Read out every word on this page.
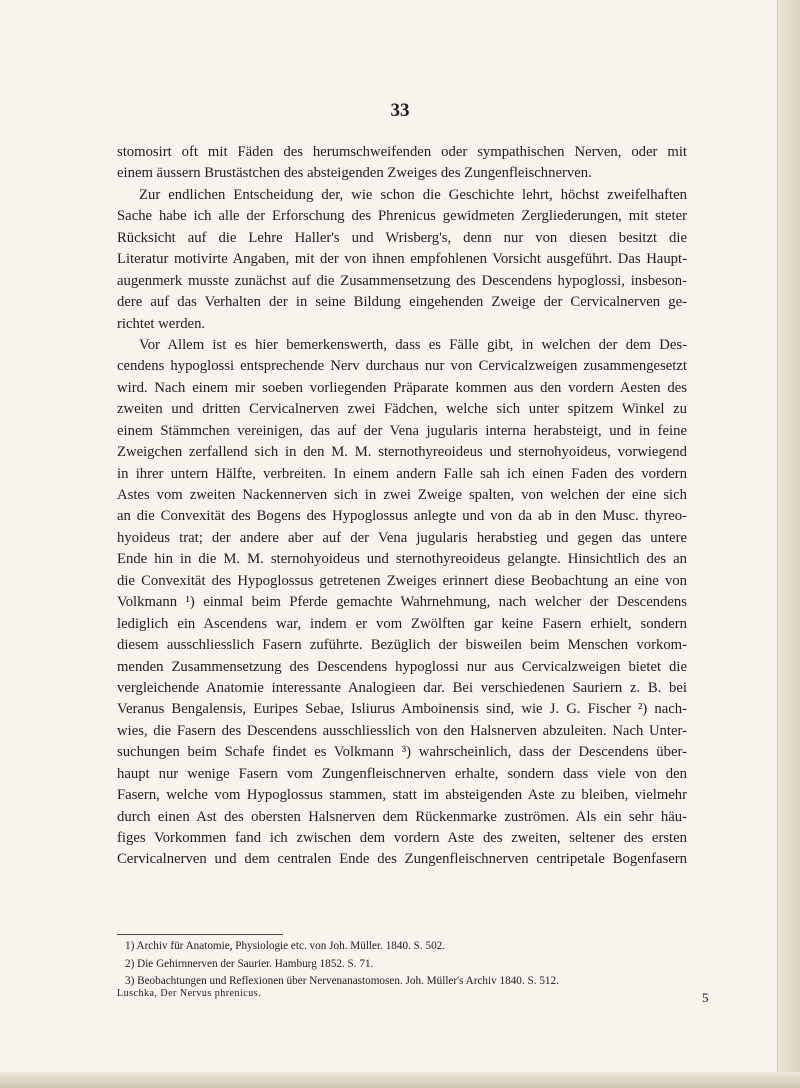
33
stomosirt oft mit Fäden des herumschweifenden oder sympathischen Nerven, oder mit
einem äussern Brustästchen des absteigenden Zweiges des Zungenfleischnerven.
Zur endlichen Entscheidung der, wie schon die Geschichte lehrt, höchst zweifelhaften
Sache habe ich alle der Erforschung des Phrenicus gewidmeten Zergliederungen, mit steter
Rücksicht auf die Lehre Haller's und Wrisberg's, denn nur von diesen besitzt die
Literatur motivirte Angaben, mit der von ihnen empfohlenen Vorsicht ausgeführt. Das Haupt-
augenmerk musste zunächst auf die Zusammensetzung des Descendens hypoglossi, insbeson-
dere auf das Verhalten der in seine Bildung eingehenden Zweige der Cervicalnerven ge-
richtet werden.
Vor Allem ist es hier bemerkenswerth, dass es Fälle gibt, in welchen der dem Des-
cendens hypoglossi entsprechende Nerv durchaus nur von Cervicalzweigen zusammengesetzt
wird. Nach einem mir soeben vorliegenden Präparate kommen aus den vordern Aesten des
zweiten und dritten Cervicalnerven zwei Fädchen, welche sich unter spitzem Winkel zu
einem Stämmchen vereinigen, das auf der Vena jugularis interna herabsteigt, und in feine
Zweigchen zerfallend sich in den M. M. sternothyreoideus und sternohyoideus, vorwiegend
in ihrer untern Hälfte, verbreiten. In einem andern Falle sah ich einen Faden des vordern
Astes vom zweiten Nackennerven sich in zwei Zweige spalten, von welchen der eine sich
an die Convexität des Bogens des Hypoglossus anlegte und von da ab in den Musc. thyreo-
hyoideus trat; der andere aber auf der Vena jugularis herabstieg und gegen das untere
Ende hin in die M. M. sternohyoideus und sternothyreoideus gelangte. Hinsichtlich des an
die Convexität des Hypoglossus getretenen Zweiges erinnert diese Beobachtung an eine von
Volkmann ¹) einmal beim Pferde gemachte Wahrnehmung, nach welcher der Descendens
lediglich ein Ascendens war, indem er vom Zwölften gar keine Fasern erhielt, sondern
diesem ausschliesslich Fasern zuführte. Bezüglich der bisweilen beim Menschen vorkom-
menden Zusammensetzung des Descendens hypoglossi nur aus Cervicalzweigen bietet die
vergleichende Anatomie interessante Analogieen dar. Bei verschiedenen Sauriern z. B. bei
Veranus Bengalensis, Euripes Sebae, Isliurus Amboinensis sind, wie J. G. Fischer ²) nach-
wies, die Fasern des Descendens ausschliesslich von den Halsnerven abzuleiten. Nach Unter-
suchungen beim Schafe findet es Volkmann ³) wahrscheinlich, dass der Descendens über-
haupt nur wenige Fasern vom Zungenfleischnerven erhalte, sondern dass viele von den
Fasern, welche vom Hypoglossus stammen, statt im absteigenden Aste zu bleiben, vielmehr
durch einen Ast des obersten Halsnerven dem Rückenmarke zuströmen. Als ein sehr häu-
figes Vorkommen fand ich zwischen dem vordern Aste des zweiten, seltener des ersten
Cervicalnerven und dem centralen Ende des Zungenfleischnerven centripetale Bogenfasern
1) Archiv für Anatomie, Physiologie etc. von Joh. Müller. 1840. S. 502.
2) Die Gehirnnerven der Saurier. Hamburg 1852. S. 71.
3) Beobachtungen und Reflexionen über Nervenanastomosen. Joh. Müller's Archiv 1840. S. 512.
Luschka, Der Nervus phrenicus.	5
